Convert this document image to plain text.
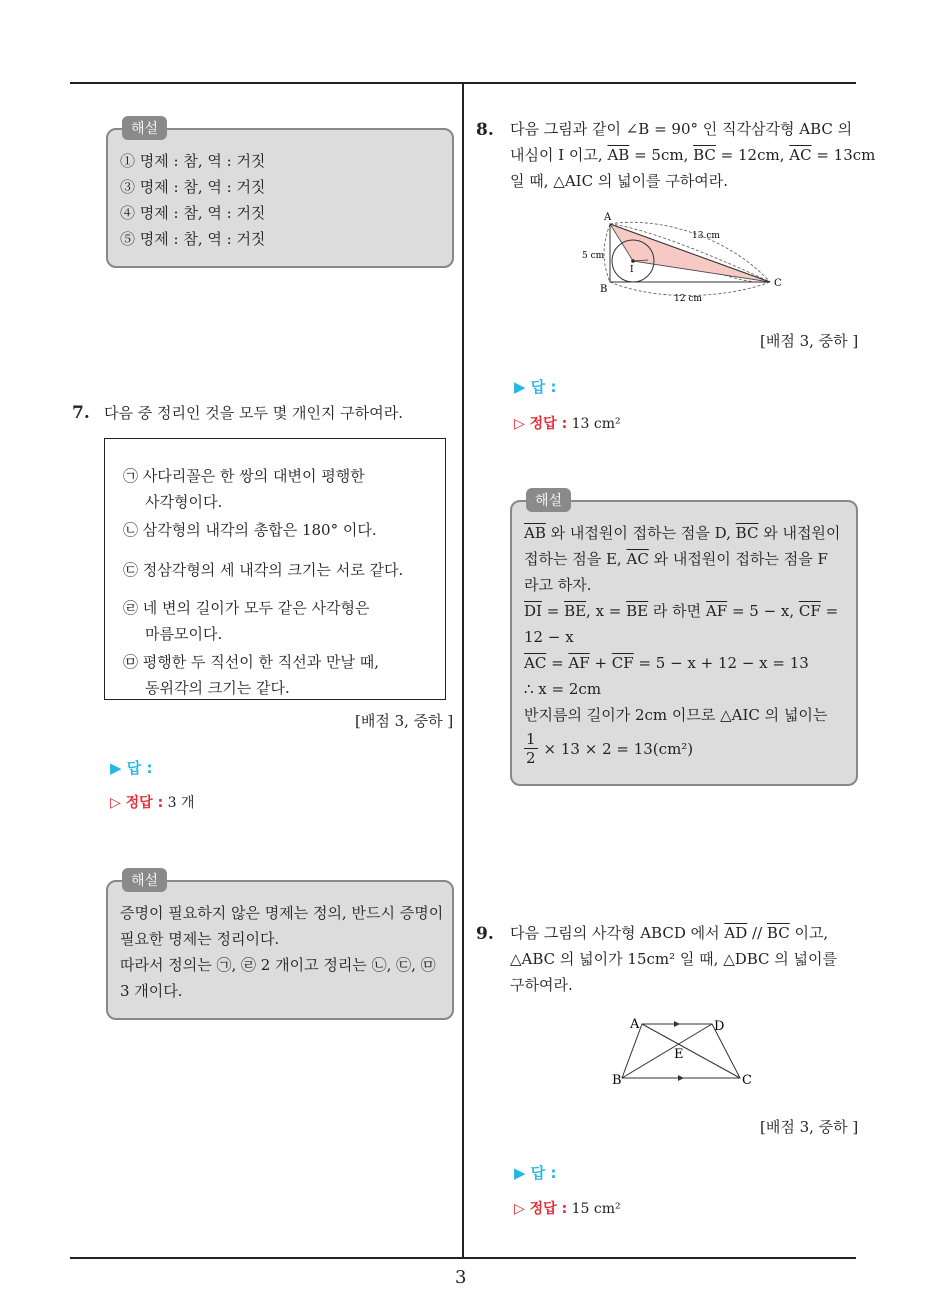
3
해설
① 명제 : 참, 역 : 거짓
③ 명제 : 참, 역 : 거짓
④ 명제 : 참, 역 : 거짓
⑤ 명제 : 참, 역 : 거짓
7. 다음 중 정리인 것을 모두 몇 개인지 구하여라.
㉠ 사다리꼴은 한 쌍의 대변이 평행한
사각형이다.
㉡ 삼각형의 내각의 총합은 180° 이다.
㉢ 정삼각형의 세 내각의 크기는 서로 같다.
㉣ 네 변의 길이가 모두 같은 사각형은
마름모이다.
㉤ 평행한 두 직선이 한 직선과 만날 때,
동위각의 크기는 같다.
[배점 3, 중하 ]
▶ 답 :
▷ 정답 : 3 개
해설
증명이 필요하지 않은 명제는 정의, 반드시 증명이
필요한 명제는 정리이다.
따라서 정의는 ㉠, ㉣ 2 개이고 정리는 ㉡, ㉢, ㉤
3 개이다.
8. 다음 그림과 같이 ∠B = 90° 인 직각삼각형 ABC 의
내심이 I 이고, $\overline{AB} = 5cm$, $\overline{BC} = 12cm$, $\overline{AC} = 13cm$
일 때, △AIC 의 넓이를 구하여라.
A
B
C
I
5 cm
12 cm
13 cm
[배점 3, 중하 ]
▶ 답 :
▷ 정답 : 13 cm²
해설
$\overline{AB}$ 와 내접원이 접하는 점을 D, $\overline{BC}$ 와 내접원이
접하는 점을 E, $\overline{AC}$ 와 내접원이 접하는 점을 F
라고 하자.
$\overline{DI} = \overline{BE}$, $x = \overline{BE}$ 라 하면 $\overline{AF} = 5 - x$, $\overline{CF}$ =
12 − x
$\overline{AC} = \overline{AF} + \overline{CF} = 5 - x + 12 - x = 13$
∴ x = 2cm
반지름의 길이가 2cm 이므로 △AIC 의 넓이는
$\frac{1}{2} \times 13 \times 2 = 13(cm^2)$
9. 다음 그림의 사각형 ABCD 에서 $\overline{AD} // \overline{BC}$ 이고,
△ABC 의 넓이가 15cm² 일 때, △DBC 의 넓이를
구하여라.
A	D
B	C
E
[배점 3, 중하 ]
▶ 답 :
▷ 정답 : 15 cm²
